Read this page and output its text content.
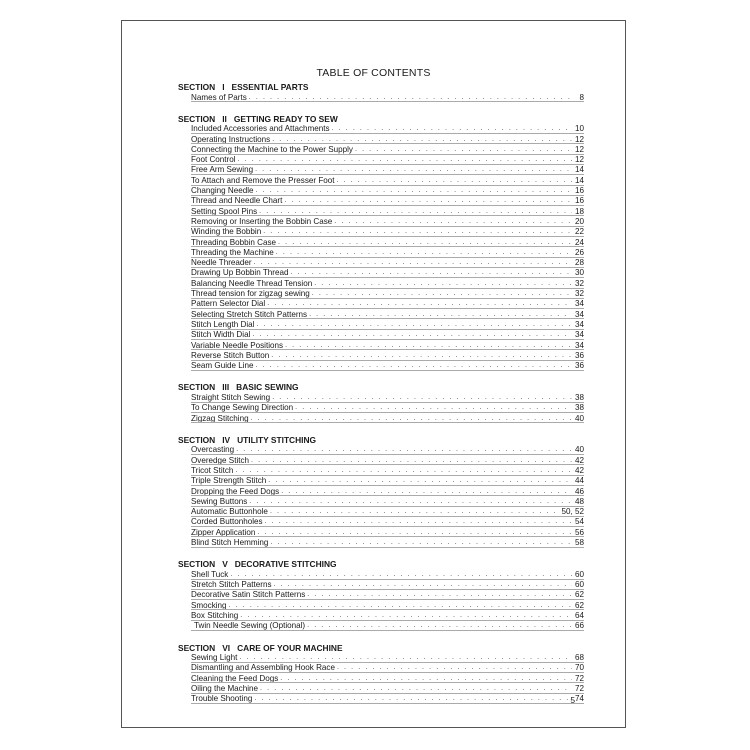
TABLE OF CONTENTS
SECTION   I   ESSENTIAL PARTS
Names of Parts . . .	8
SECTION   II   GETTING READY TO SEW
Included Accessories and Attachments . . .	10
Operating Instructions . . .	12
Connecting the Machine to the Power Supply . . .	12
Foot Control . . .	12
Free Arm Sewing . . .	14
To Attach and Remove the Presser Foot . . .	14
Changing Needle . . .	16
Thread and Needle Chart . . .	16
Setting Spool Pins . . .	18
Removing or Inserting the Bobbin Case . . .	20
Winding the Bobbin . . .	22
Threading Bobbin Case . . .	24
Threading the Machine . . .	26
Needle Threader . . .	28
Drawing Up Bobbin Thread . . .	30
Balancing Needle Thread Tension . . .	32
Thread tension for zigzag sewing . . .	32
Pattern Selector Dial . . .	34
Selecting Stretch Stitch Patterns . . .	34
Stitch Length Dial . . .	34
Stitch Width Dial . . .	34
Variable Needle Positions . . .	34
Reverse Stitch Button . . .	36
Seam Guide Line . . .	36
SECTION   III   BASIC SEWING
Straight Stitch Sewing . . .	38
To Change Sewing Direction . . .	38
Zigzag Stitching . . .	40
SECTION   IV   UTILITY STITCHING
Overcasting . . .	40
Overedge Stitch . . .	42
Tricot Stitch . . .	42
Triple Strength Stitch . . .	44
Dropping the Feed Dogs . . .	46
Sewing Buttons . . .	48
Automatic Buttonhole . . .	50, 52
Corded Buttonholes . . .	54
Zipper Application . . .	56
Blind Stitch Hemming . . .	58
SECTION   V   DECORATIVE STITCHING
Shell Tuck . . .	60
Stretch Stitch Patterns . . .	60
Decorative Satin Stitch Patterns . . .	62
Smocking . . .	62
Box Stitching . . .	64
Twin Needle Sewing (Optional) . . .	66
SECTION   VI   CARE OF YOUR MACHINE
Sewing Light . . .	68
Dismantling and Assembling Hook Race . . .	70
Cleaning the Feed Dogs . . .	72
Oiling the Machine . . .	72
Trouble Shooting . . .	74
5
